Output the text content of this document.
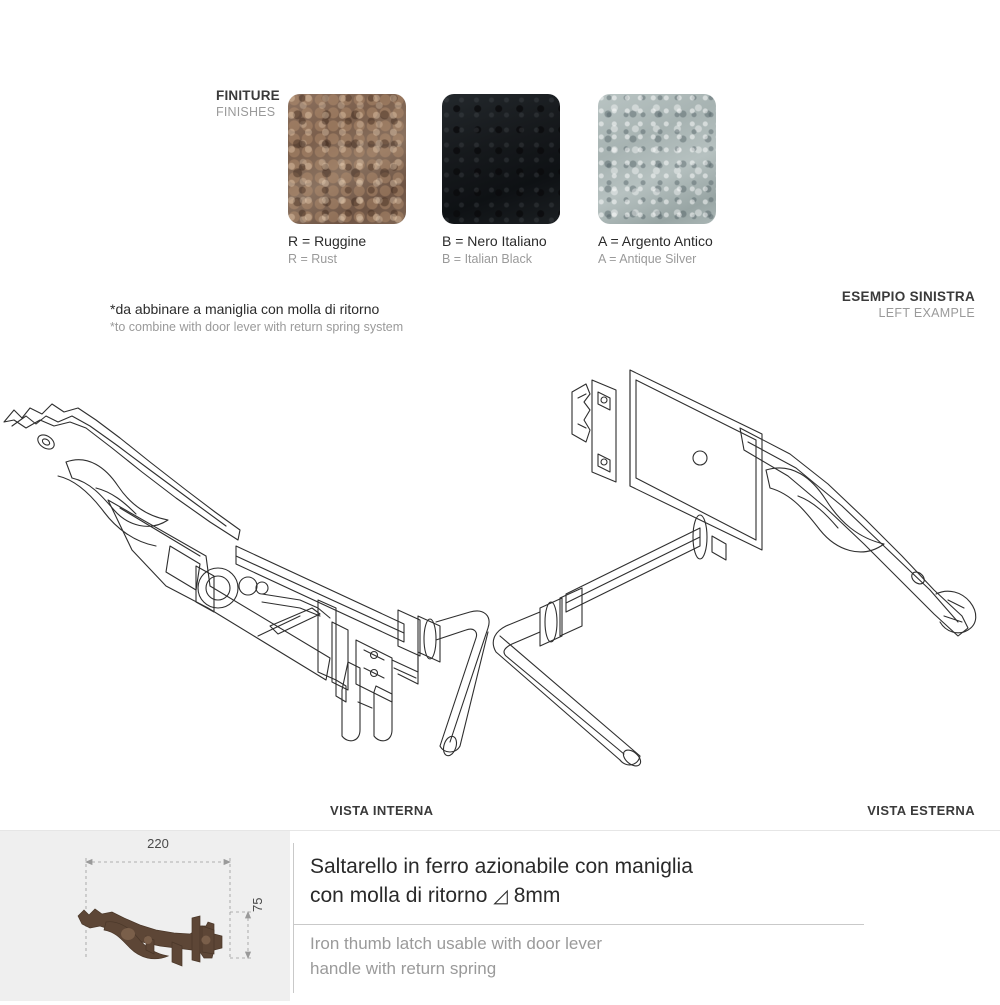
FINITURE
FINISHES
R = Ruggine
R = Rust
B = Nero Italiano
B = Italian Black
A = Argento Antico
A = Antique Silver
*da abbinare a maniglia con molla di ritorno
*to combine with door lever with return spring system
ESEMPIO SINISTRA
LEFT EXAMPLE
VISTA INTERNA	VISTA ESTERNA
220
75
Saltarello in ferro azionabile con maniglia
con molla di ritorno ◿ 8mm
Iron thumb latch usable with door lever
handle with return spring
